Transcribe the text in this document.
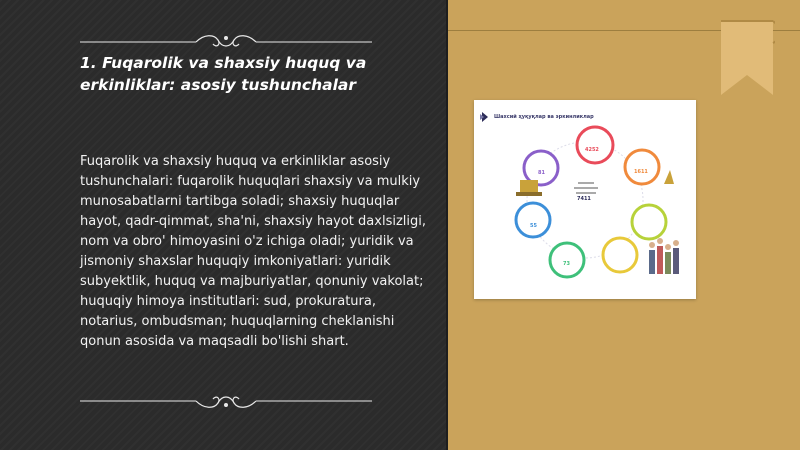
1. Fuqarolik va shaxsiy huquq va erkinliklar: asosiy tushunchalar
Fuqarolik va shaxsiy huquq va erkinliklar asosiy tushunchalari: fuqarolik huquqlari shaxsiy va mulkiy munosabatlarni tartibga soladi; shaxsiy huquqlar hayot, qadr-qimmat, sha'ni, shaxsiy hayot daxlsizligi, nom va obro' himoyasini o'z ichiga oladi; yuridik va jismoniy shaxslar huquqiy imkoniyatlari: yuridik subyektlik, huquq va majburiyatlar, qonuniy vakolat; huquqiy himoya institutlari: sud, prokuratura, notarius, ombudsman; huquqlarning cheklanishi qonun asosida va maqsadli bo'lishi shart.
Шахсий ҳуқуқлар ва эркинликлар
7411
4252
1611
81
55
73
